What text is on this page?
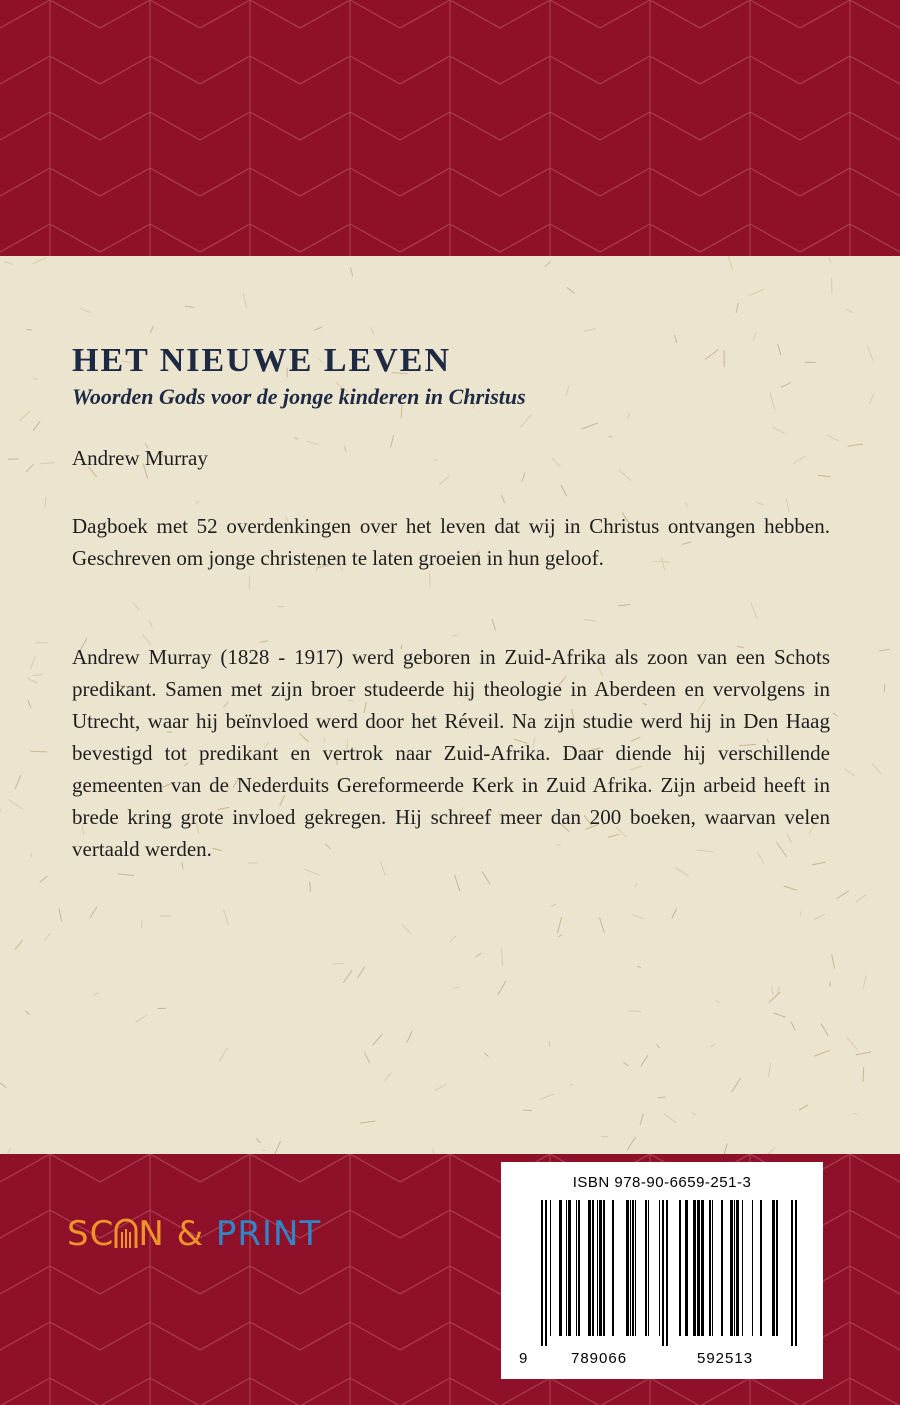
HET NIEUWE LEVEN
Woorden Gods voor de jonge kinderen in Christus
Andrew Murray

Dagboek met 52 overdenkingen over het leven dat wij in Christus ontvangen hebben. Geschreven om jonge christenen te laten groeien in hun geloof.

Andrew Murray (1828 - 1917) werd geboren in Zuid-Afrika als zoon van een Schots predikant. Samen met zijn broer studeerde hij theologie in Aberdeen en vervolgens in Utrecht, waar hij beïnvloed werd door het Réveil. Na zijn studie werd hij in Den Haag bevestigd tot predikant en vertrok naar Zuid-Afrika. Daar diende hij verschillende gemeenten van de Nederduits Gereformeerde Kerk in Zuid Afrika. Zijn arbeid heeft in brede kring grote invloed gekregen. Hij schreef meer dan 200 boeken, waarvan velen vertaald werden.

SC N & PRINT
ISBN 978-90-6659-251-3
9	789066	592513
